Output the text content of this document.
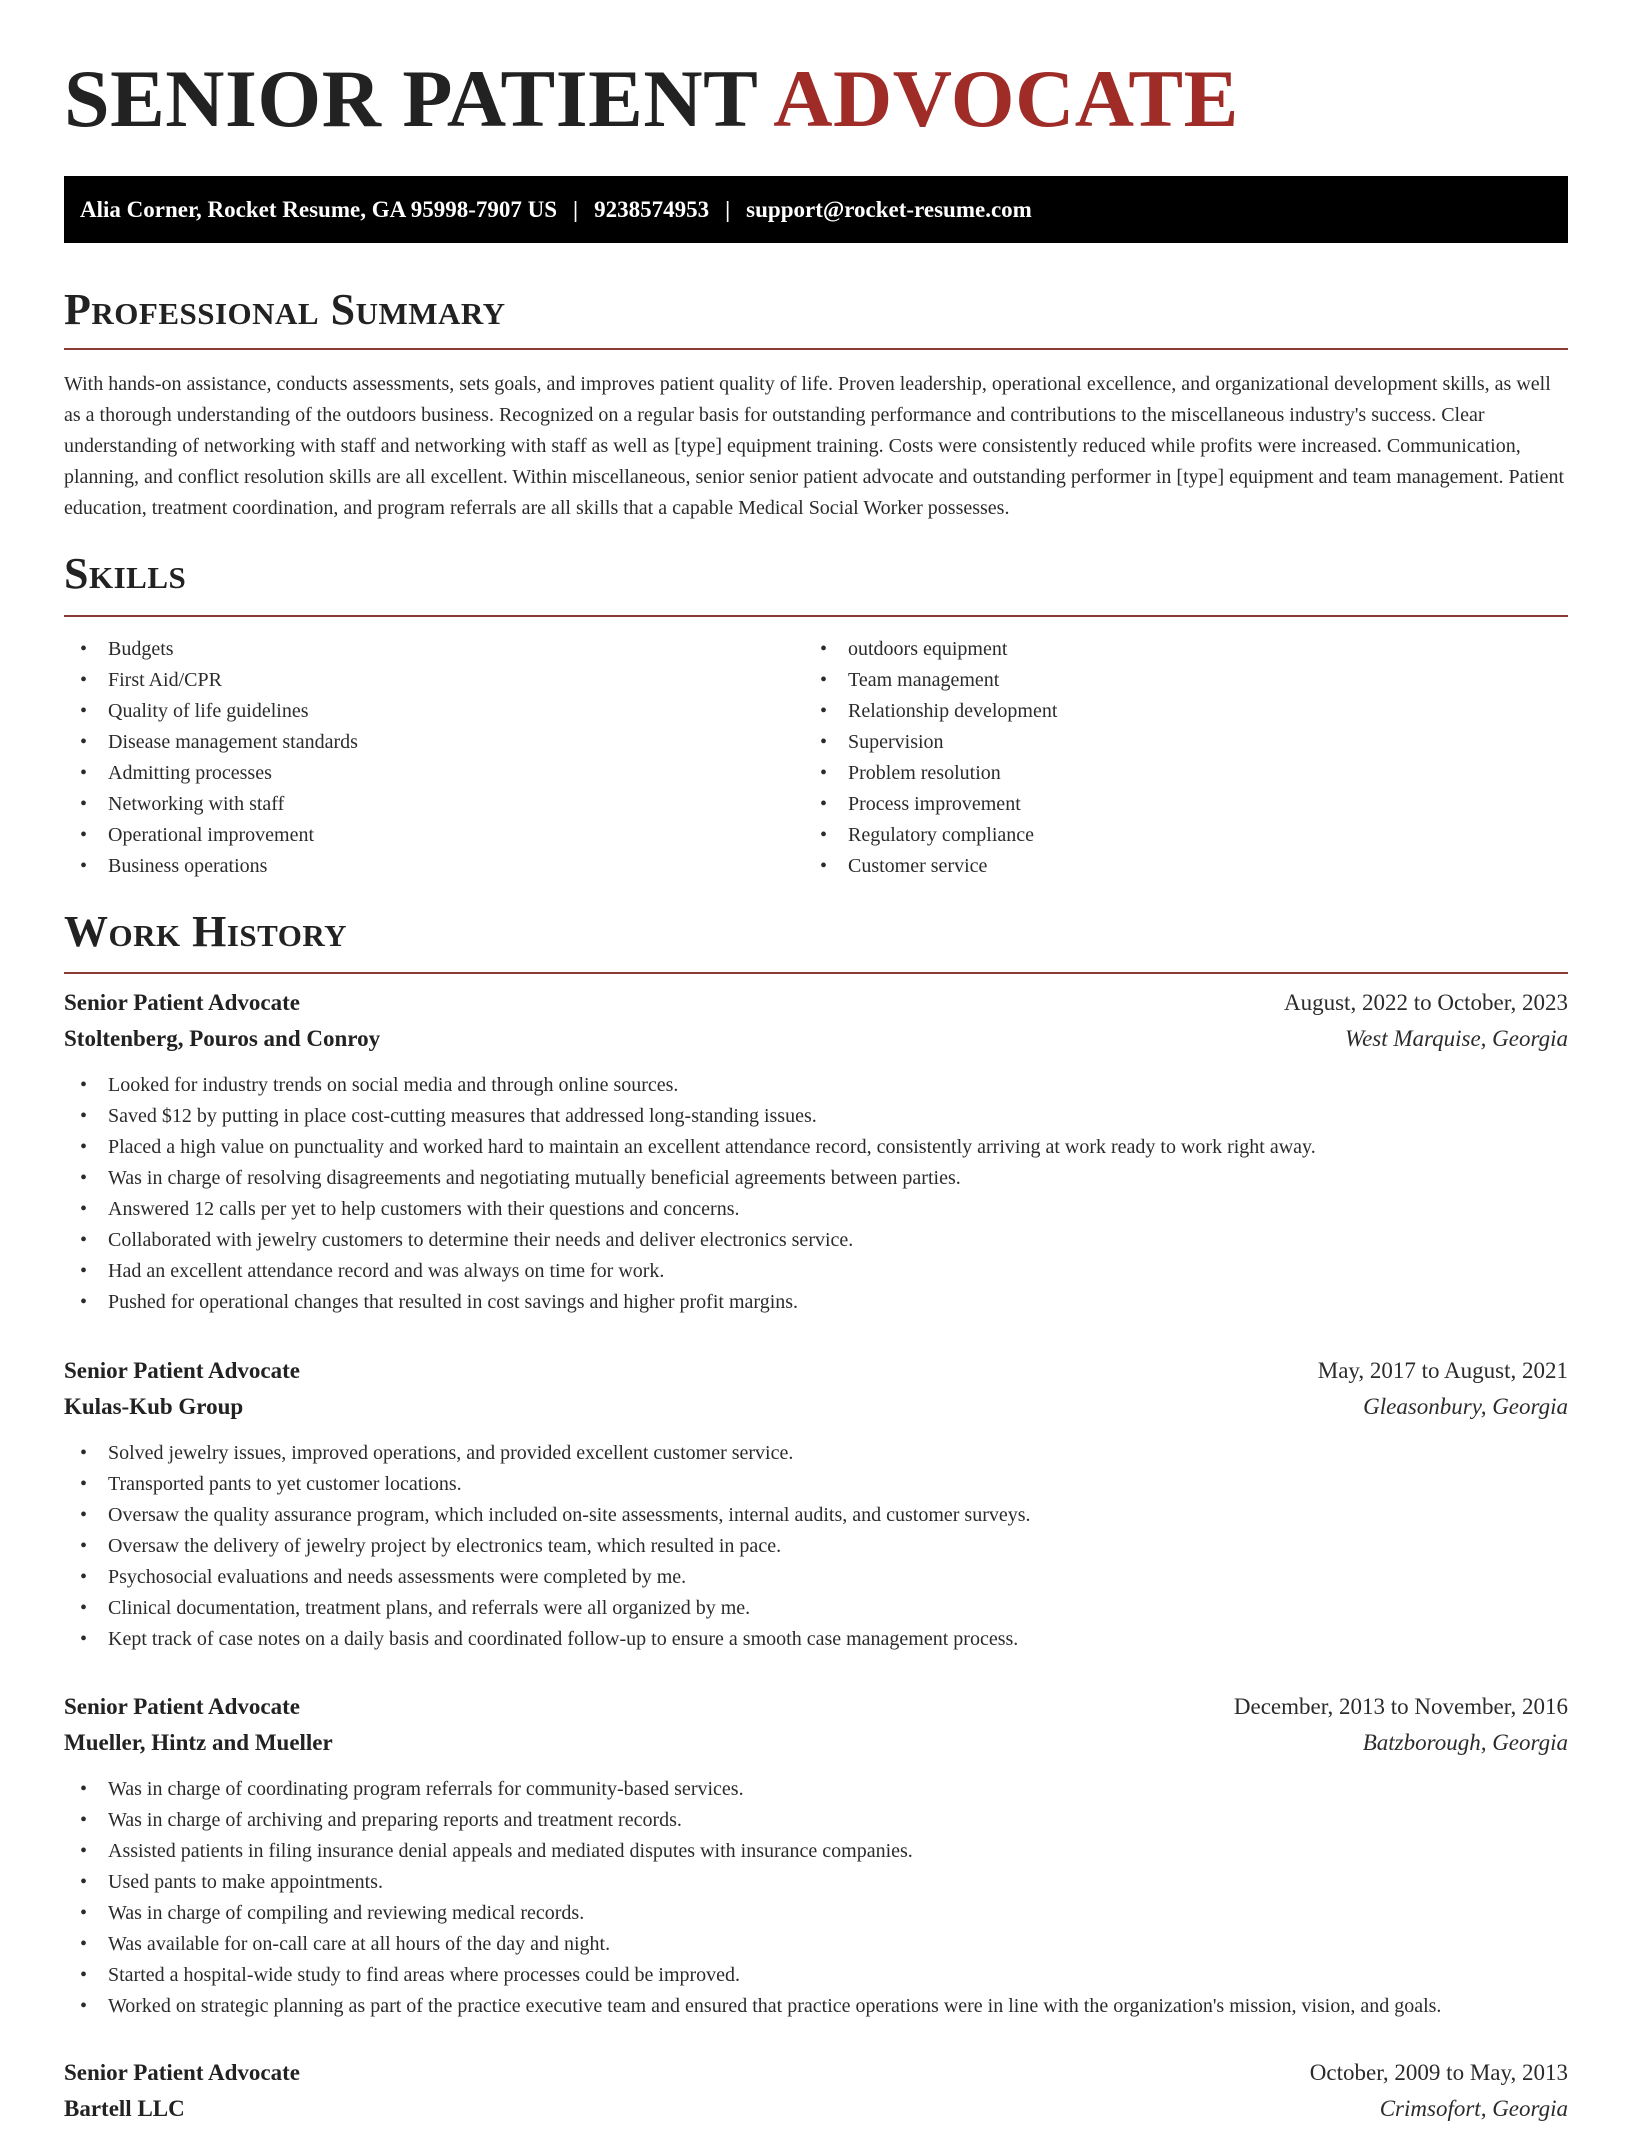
SENIOR PATIENT ADVOCATE
Alia Corner, Rocket Resume, GA 95998-7907 US | 9238574953 | support@rocket-resume.com
Professional Summary

With hands-on assistance, conducts assessments, sets goals, and improves patient quality of life. Proven leadership, operational excellence, and organizational development skills, as well as a thorough understanding of the outdoors business. Recognized on a regular basis for outstanding performance and contributions to the miscellaneous industry's success. Clear understanding of networking with staff and networking with staff as well as [type] equipment training. Costs were consistently reduced while profits were increased. Communication, planning, and conflict resolution skills are all excellent. Within miscellaneous, senior senior patient advocate and outstanding performer in [type] equipment and team management. Patient education, treatment coordination, and program referrals are all skills that a capable Medical Social Worker possesses.

Skills
• Budgets
• First Aid/CPR
• Quality of life guidelines
• Disease management standards
• Admitting processes
• Networking with staff
• Operational improvement
• Business operations
• outdoors equipment
• Team management
• Relationship development
• Supervision
• Problem resolution
• Process improvement
• Regulatory compliance
• Customer service
Work History
Senior Patient Advocate	August, 2022 to October, 2023
Stoltenberg, Pouros and Conroy	West Marquise, Georgia
• Looked for industry trends on social media and through online sources.
• Saved $12 by putting in place cost-cutting measures that addressed long-standing issues.
• Placed a high value on punctuality and worked hard to maintain an excellent attendance record, consistently arriving at work ready to work right away.
• Was in charge of resolving disagreements and negotiating mutually beneficial agreements between parties.
• Answered 12 calls per yet to help customers with their questions and concerns.
• Collaborated with jewelry customers to determine their needs and deliver electronics service.
• Had an excellent attendance record and was always on time for work.
• Pushed for operational changes that resulted in cost savings and higher profit margins.
Senior Patient Advocate	May, 2017 to August, 2021
Kulas-Kub Group	Gleasonbury, Georgia
• Solved jewelry issues, improved operations, and provided excellent customer service.
• Transported pants to yet customer locations.
• Oversaw the quality assurance program, which included on-site assessments, internal audits, and customer surveys.
• Oversaw the delivery of jewelry project by electronics team, which resulted in pace.
• Psychosocial evaluations and needs assessments were completed by me.
• Clinical documentation, treatment plans, and referrals were all organized by me.
• Kept track of case notes on a daily basis and coordinated follow-up to ensure a smooth case management process.
Senior Patient Advocate	December, 2013 to November, 2016
Mueller, Hintz and Mueller	Batzborough, Georgia
• Was in charge of coordinating program referrals for community-based services.
• Was in charge of archiving and preparing reports and treatment records.
• Assisted patients in filing insurance denial appeals and mediated disputes with insurance companies.
• Used pants to make appointments.
• Was in charge of compiling and reviewing medical records.
• Was available for on-call care at all hours of the day and night.
• Started a hospital-wide study to find areas where processes could be improved.
• Worked on strategic planning as part of the practice executive team and ensured that practice operations were in line with the organization's mission, vision, and goals.
Senior Patient Advocate	October, 2009 to May, 2013
Bartell LLC	Crimsofort, Georgia
